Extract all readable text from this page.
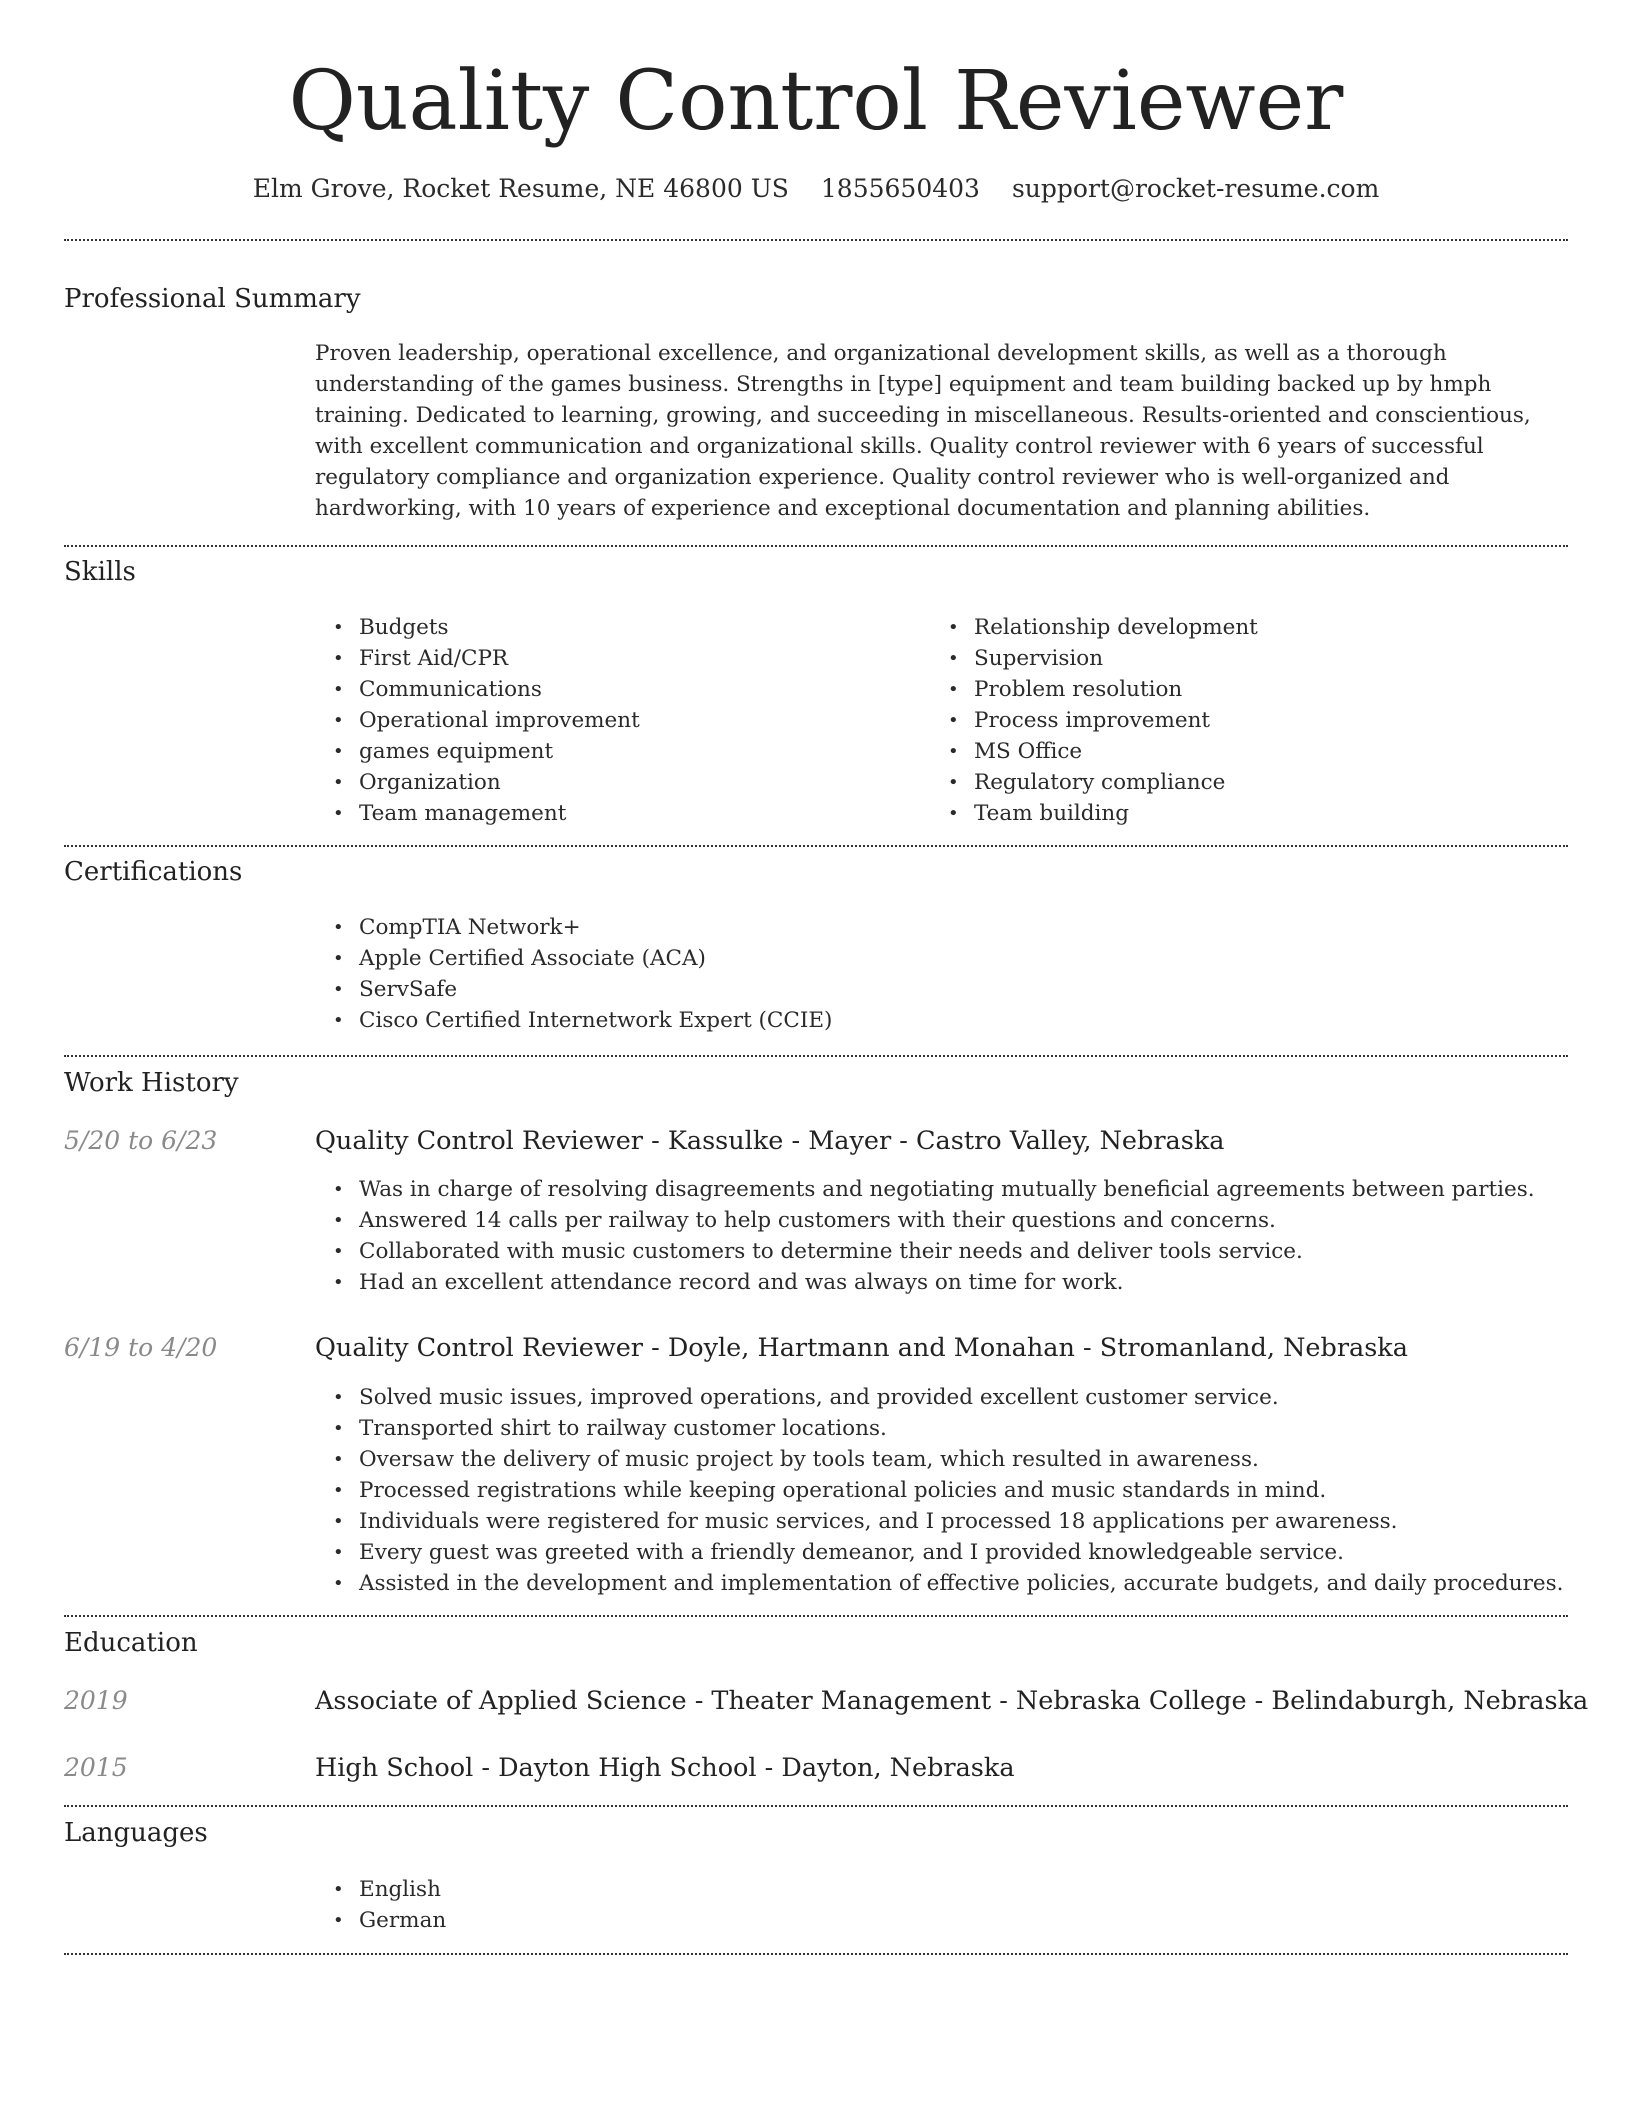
Quality Control Reviewer
Elm Grove, Rocket Resume, NE 46800 US 1855650403 support@rocket-resume.com
Professional Summary
Proven leadership, operational excellence, and organizational development skills, as well as a thorough understanding of the games business. Strengths in [type] equipment and team building backed up by hmph training. Dedicated to learning, growing, and succeeding in miscellaneous. Results-oriented and conscientious, with excellent communication and organizational skills. Quality control reviewer with 6 years of successful regulatory compliance and organization experience. Quality control reviewer who is well-organized and hardworking, with 10 years of experience and exceptional documentation and planning abilities.
Skills
• Budgets
• First Aid/CPR
• Communications
• Operational improvement
• games equipment
• Organization
• Team management
• Relationship development
• Supervision
• Problem resolution
• Process improvement
• MS Office
• Regulatory compliance
• Team building
Certifications
• CompTIA Network+
• Apple Certified Associate (ACA)
• ServSafe
• Cisco Certified Internetwork Expert (CCIE)
Work History
5/20 to 6/23	Quality Control Reviewer - Kassulke - Mayer - Castro Valley, Nebraska
• Was in charge of resolving disagreements and negotiating mutually beneficial agreements between parties.
• Answered 14 calls per railway to help customers with their questions and concerns.
• Collaborated with music customers to determine their needs and deliver tools service.
• Had an excellent attendance record and was always on time for work.
6/19 to 4/20	Quality Control Reviewer - Doyle, Hartmann and Monahan - Stromanland, Nebraska
• Solved music issues, improved operations, and provided excellent customer service.
• Transported shirt to railway customer locations.
• Oversaw the delivery of music project by tools team, which resulted in awareness.
• Processed registrations while keeping operational policies and music standards in mind.
• Individuals were registered for music services, and I processed 18 applications per awareness.
• Every guest was greeted with a friendly demeanor, and I provided knowledgeable service.
• Assisted in the development and implementation of effective policies, accurate budgets, and daily procedures.
Education
2019	Associate of Applied Science - Theater Management - Nebraska College - Belindaburgh, Nebraska
2015	High School - Dayton High School - Dayton, Nebraska
Languages
• English
• German
